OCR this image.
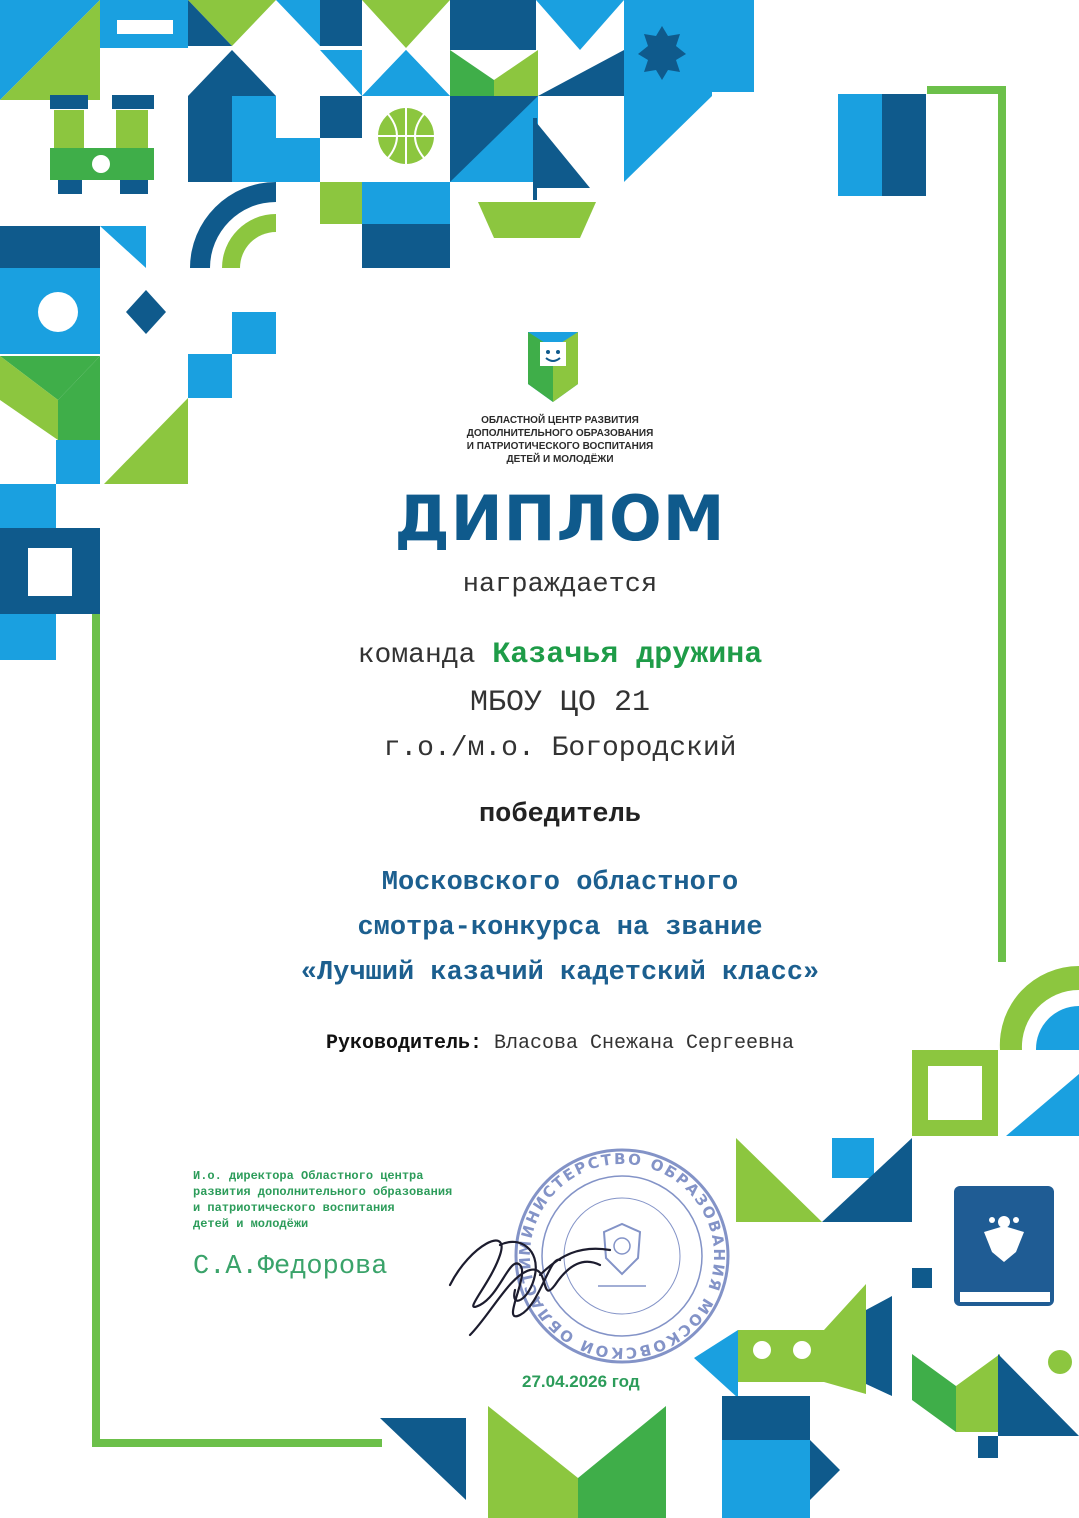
МИНИСТЕРСТВО ОБРАЗОВАНИЯ МОСКОВСКОЙ ОБЛАСТИ
ОБЛАСТНОЙ ЦЕНТР РАЗВИТИЯ
ДОПОЛНИТЕЛЬНОГО ОБРАЗОВАНИЯ
И ПАТРИОТИЧЕСКОГО ВОСПИТАНИЯ
ДЕТЕЙ И МОЛОДЁЖИ
ДИПЛОМ
награждается
команда Казачья дружина
МБОУ ЦО 21
г.о./м.о. Богородский
победитель
Московского областного
смотра-конкурса на звание
«Лучший казачий кадетский класс»
Руководитель: Власова Снежана Сергеевна
И.о. директора Областного центра
развития дополнительного образования
и патриотического воспитания
детей и молодёжи
С.А.Федорова
27.04.2026 год
